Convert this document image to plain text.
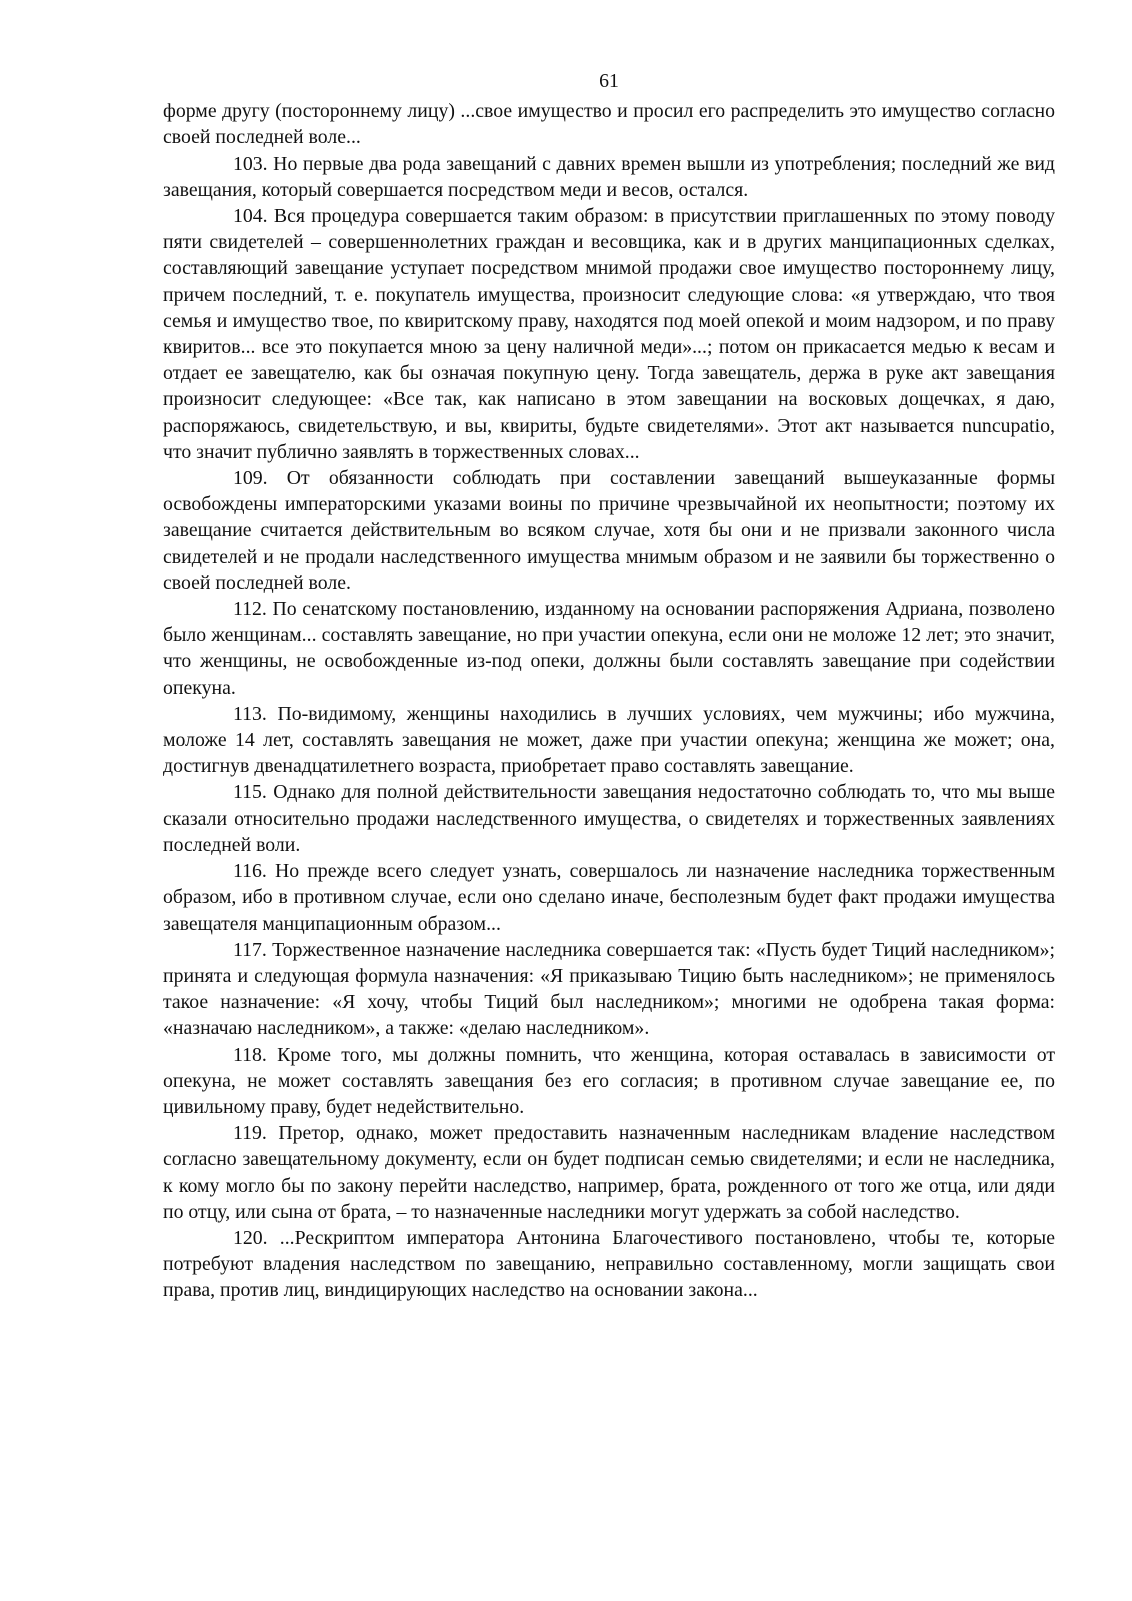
61

форме другу (постороннему лицу) ...свое имущество и просил его распределить это имущество согласно своей последней воле...

103. Но первые два рода завещаний с давних времен вышли из употребления; последний же вид завещания, который совершается посредством меди и весов, остался.

104. Вся процедура совершается таким образом: в присутствии приглашенных по этому поводу пяти свидетелей – совершеннолетних граждан и весовщика, как и в других манципационных сделках, составляющий завещание уступает посредством мнимой продажи свое имущество постороннему лицу, причем последний, т. е. покупатель имущества, произносит следующие слова: «я утверждаю, что твоя семья и имущество твое, по квиритскому праву, находятся под моей опекой и моим надзором, и по праву квиритов... все это покупается мною за цену наличной меди»...; потом он прикасается медью к весам и отдает ее завещателю, как бы означая покупную цену. Тогда завещатель, держа в руке акт завещания произносит следующее: «Все так, как написано в этом завещании на восковых дощечках, я даю, распоряжаюсь, свидетельствую, и вы, квириты, будьте свидетелями». Этот акт называется nuncupatio, что значит публично заявлять в торжественных словах...

109. От обязанности соблюдать при составлении завещаний вышеуказанные формы освобождены императорскими указами воины по причине чрезвычайной их неопытности; поэтому их завещание считается действительным во всяком случае, хотя бы они и не призвали законного числа свидетелей и не продали наследственного имущества мнимым образом и не заявили бы торжественно о своей последней воле.

112. По сенатскому постановлению, изданному на основании распоряжения Адриана, позволено было женщинам... составлять завещание, но при участии опекуна, если они не моложе 12 лет; это значит, что женщины, не освобожденные из-под опеки, должны были составлять завещание при содействии опекуна.

113. По-видимому, женщины находились в лучших условиях, чем мужчины; ибо мужчина, моложе 14 лет, составлять завещания не может, даже при участии опекуна; женщина же может; она, достигнув двенадцатилетнего возраста, приобретает право составлять завещание.

115. Однако для полной действительности завещания недостаточно соблюдать то, что мы выше сказали относительно продажи наследственного имущества, о свидетелях и торжественных заявлениях последней воли.

116. Но прежде всего следует узнать, совершалось ли назначение наследника торжественным образом, ибо в противном случае, если оно сделано иначе, бесполезным будет факт продажи имущества завещателя манципационным образом...

117. Торжественное назначение наследника совершается так: «Пусть будет Тиций наследником»; принята и следующая формула назначения: «Я приказываю Тицию быть наследником»; не применялось такое назначение: «Я хочу, чтобы Тиций был наследником»; многими не одобрена такая форма: «назначаю наследником», а также: «делаю наследником».

118. Кроме того, мы должны помнить, что женщина, которая оставалась в зависимости от опекуна, не может составлять завещания без его согласия; в противном случае завещание ее, по цивильному праву, будет недействительно.

119. Претор, однако, может предоставить назначенным наследникам владение наследством согласно завещательному документу, если он будет подписан семью свидетелями; и если не наследника, к кому могло бы по закону перейти наследство, например, брата, рожденного от того же отца, или дяди по отцу, или сына от брата, – то назначенные наследники могут удержать за собой наследство.

120. ...Рескриптом императора Антонина Благочестивого постановлено, чтобы те, которые потребуют владения наследством по завещанию, неправильно составленному, могли защищать свои права, против лиц, виндицирующих наследство на основании закона...
